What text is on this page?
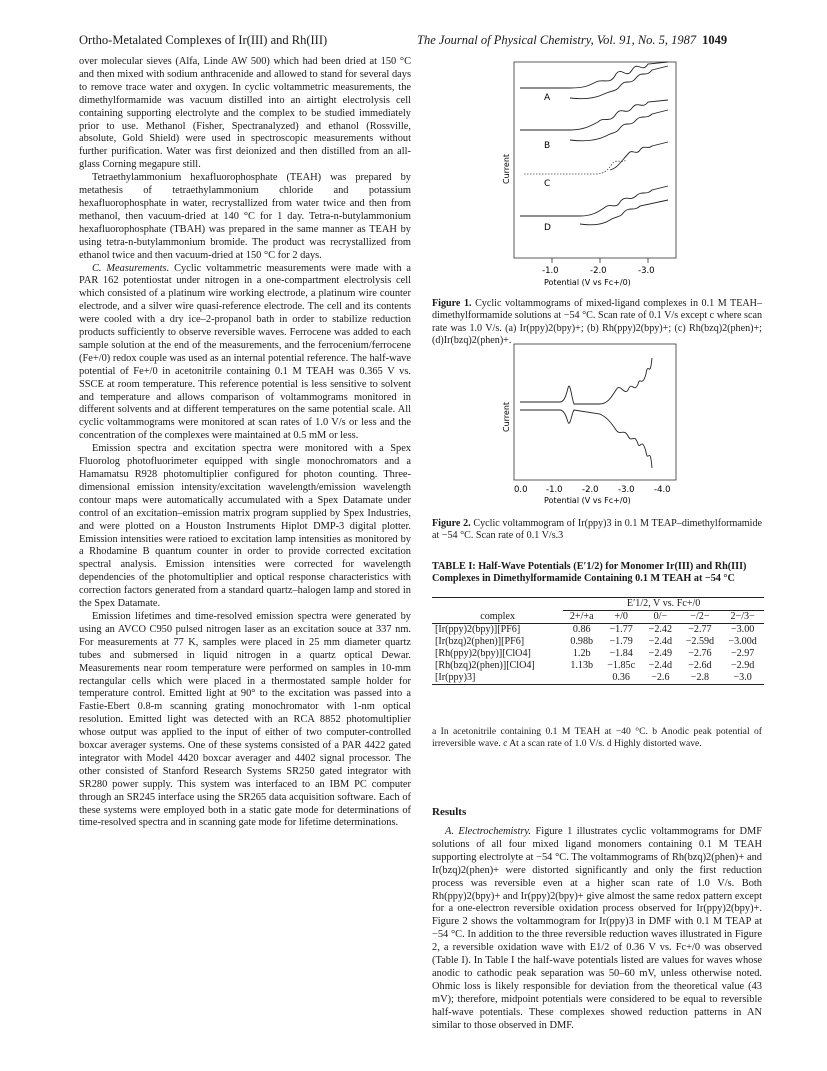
Ortho-Metalated Complexes of Ir(III) and Rh(III)	The Journal of Physical Chemistry, Vol. 91, No. 5, 1987 1049

over molecular sieves (Alfa, Linde AW 500) which had been dried at 150 °C and then mixed with sodium anthracenide and allowed to stand for several days to remove trace water and oxygen. In cyclic voltammetric measurements, the dimethylformamide was vacuum distilled into an airtight electrolysis cell containing supporting electrolyte and the complex to be studied immediately prior to use. Methanol (Fisher, Spectranalyzed) and ethanol (Rossville, absolute, Gold Shield) were used in spectroscopic measurements without further purification. Water was first deionized and then distilled from an all-glass Corning megapure still.

Tetraethylammonium hexafluorophosphate (TEAH) was prepared by metathesis of tetraethylammonium chloride and potassium hexafluorophosphate in water, recrystallized from water twice and then from methanol, then vacuum-dried at 140 °C for 1 day. Tetra-n-butylammonium hexafluorophosphate (TBAH) was prepared in the same manner as TEAH by using tetra-n-butylammonium bromide. The product was recrystallized from ethanol twice and then vacuum-dried at 150 °C for 2 days.

C. Measurements. Cyclic voltammetric measurements were made with a PAR 162 potentiostat under nitrogen in a one-compartment electrolysis cell which consisted of a platinum wire working electrode, a platinum wire counter electrode, and a silver wire quasi-reference electrode. The cell and its contents were cooled with a dry ice–2-propanol bath in order to stabilize reduction products sufficiently to observe reversible waves. Ferrocene was added to each sample solution at the end of the measurements, and the ferrocenium/ferrocene (Fe+/0) redox couple was used as an internal potential reference. The half-wave potential of Fe+/0 in acetonitrile containing 0.1 M TEAH was 0.365 V vs. SSCE at room temperature. This reference potential is less sensitive to solvent and temperature and allows comparison of voltammograms monitored in different solvents and at different temperatures on the same potential scale. All cyclic voltammograms were monitored at scan rates of 1.0 V/s or less and the concentration of the complexes were maintained at 0.5 mM or less.

Emission spectra and excitation spectra were monitored with a Spex Fluorolog photofluorimeter equipped with single monochromators and a Hamamatsu R928 photomultiplier configured for photon counting. Three-dimensional emission intensity/excitation wavelength/emission wavelength contour maps were automatically accumulated with a Spex Datamate under control of an excitation–emission matrix program supplied by Spex Industries, and were plotted on a Houston Instruments Hiplot DMP-3 digital plotter. Emission intensities were ratioed to excitation lamp intensities as monitored by a Rhodamine B quantum counter in order to provide corrected excitation spectral analysis. Emission intensities were corrected for wavelength dependencies of the photomultiplier and optical response characteristics with correction factors generated from a standard quartz–halogen lamp and stored in the Spex Datamate.

Emission lifetimes and time-resolved emission spectra were generated by using an AVCO C950 pulsed nitrogen laser as an excitation souce at 337 nm. For measurements at 77 K, samples were placed in 25 mm diameter quartz tubes and submersed in liquid nitrogen in a quartz optical Dewar. Measurements near room temperature were performed on samples in 10-mm rectangular cells which were placed in a thermostated sample holder for temperature control. Emitted light at 90° to the excitation was passed into a Fastie-Ebert 0.8-m scanning grating monochromator with 1-nm optical resolution. Emitted light was detected with an RCA 8852 photomultiplier whose output was applied to the input of either of two computer-controlled boxcar averager systems. One of these systems consisted of a PAR 4422 gated integrator with Model 4420 boxcar averager and 4402 signal processor. The other consisted of Stanford Research Systems SR250 gated integrator with SR280 power supply. This system was interfaced to an IBM PC computer through an SR245 interface using the SR265 data acquisition software. Each of these systems were employed both in a static gate mode for determinations of time-resolved spectra and in scanning gate mode for lifetime determinations.

A
B
C
D
Current
-1.0	-2.0	-3.0
Potential (V vs Fc+/0)
Figure 1. Cyclic voltammograms of mixed-ligand complexes in 0.1 M TEAH–dimethylformamide solutions at −54 °C. Scan rate of 0.1 V/s except c where scan rate was 1.0 V/s. (a) Ir(ppy)2(bpy)+; (b) Rh(ppy)2(bpy)+; (c) Rh(bzq)2(phen)+; (d)Ir(bzq)2(phen)+.
Current
0.0 -1.0 -2.0 -3.0 -4.0
Potential (V vs Fc+/0)
Figure 2. Cyclic voltammogram of Ir(ppy)3 in 0.1 M TEAP–dimethylformamide at −54 °C. Scan rate of 0.1 V/s.3
TABLE I: Half-Wave Potentials (E′1/2) for Monomer Ir(III) and Rh(III) Complexes in Dimethylformamide Containing 0.1 M TEAH at −54 °C
	E′1/2, V vs. Fc+/0				
complex	2+/+a	+/0	0/−	−/2−	2−/3−
[Ir(ppy)2(bpy)][PF6]	0.86	−1.77	−2.42	−2.77	−3.00
[Ir(bzq)2(phen)][PF6]	0.98b	−1.79	−2.4d	−2.59d	−3.00d
[Rh(ppy)2(bpy)][ClO4]	1.2b	−1.84	−2.49	−2.76	−2.97
[Rh(bzq)2(phen)][ClO4]	1.13b	−1.85c	−2.4d	−2.6d	−2.9d
[Ir(ppy)3]		0.36	−2.6	−2.8	−3.0
a In acetonitrile containing 0.1 M TEAH at −40 °C. b Anodic peak potential of irreversible wave. c At a scan rate of 1.0 V/s. d Highly distorted wave.
Results

A. Electrochemistry. Figure 1 illustrates cyclic voltammograms for DMF solutions of all four mixed ligand monomers containing 0.1 M TEAH supporting electrolyte at −54 °C. The voltammograms of Rh(bzq)2(phen)+ and Ir(bzq)2(phen)+ were distorted significantly and only the first reduction process was reversible even at a higher scan rate of 1.0 V/s. Both Rh(ppy)2(bpy)+ and Ir(ppy)2(bpy)+ give almost the same redox pattern except for a one-electron reversible oxidation process observed for Ir(ppy)2(bpy)+. Figure 2 shows the voltammogram for Ir(ppy)3 in DMF with 0.1 M TEAP at −54 °C. In addition to the three reversible reduction waves illustrated in Figure 2, a reversible oxidation wave with E1/2 of 0.36 V vs. Fc+/0 was observed (Table I). In Table I the half-wave potentials listed are values for waves whose anodic to cathodic peak separation was 50–60 mV, unless otherwise noted. Ohmic loss is likely responsible for deviation from the theoretical value (43 mV); therefore, midpoint potentials were considered to be equal to reversible half-wave potentials. These complexes showed reduction patterns in AN similar to those observed in DMF.
